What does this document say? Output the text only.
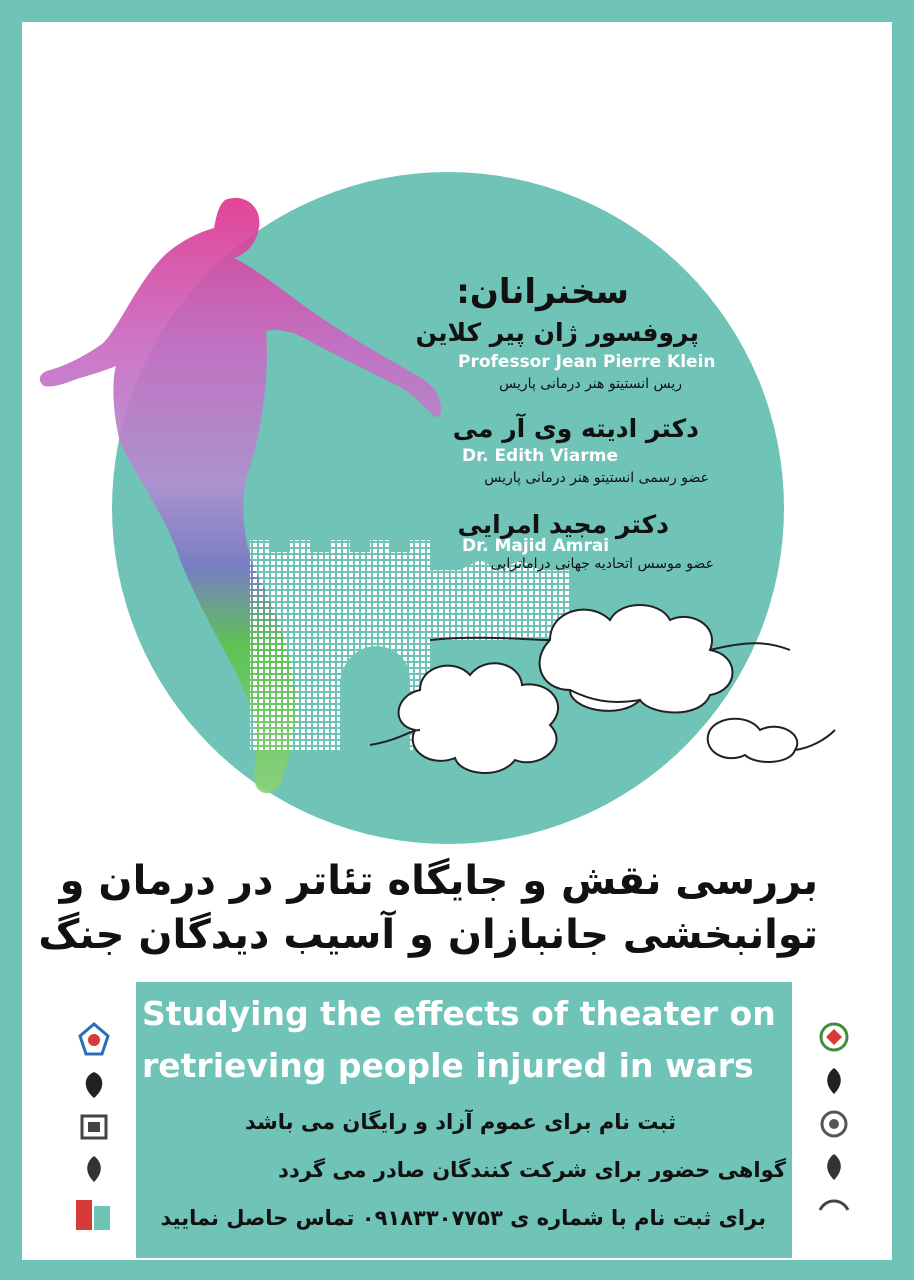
سخنرانان:
پروفسور ژان پیر کلاین
Professor Jean Pierre Klein
ریس انستیتو هنر درمانی پاریس
دکتر ادیته وی آر می
Dr. Edith Viarme
عضو رسمی انستیتو هنر درمانی پاریس
دکتر مجید امرایی
Dr. Majid Amrai
عضو موسس اتحادیه جهانی دراماتراپی
بررسی نقش و جایگاه تئاتر در درمان و
توانبخشی جانبازان و آسیب دیدگان جنگ
Studying the effects of theater on
retrieving people injured in wars
ثبت نام برای عموم آزاد و رایگان می باشد
گواهی حضور برای شرکت کنندگان صادر می گردد
برای ثبت نام با شماره ی ۰۹۱۸۳۳۰۷۷۵۳ تماس حاصل نمایید
